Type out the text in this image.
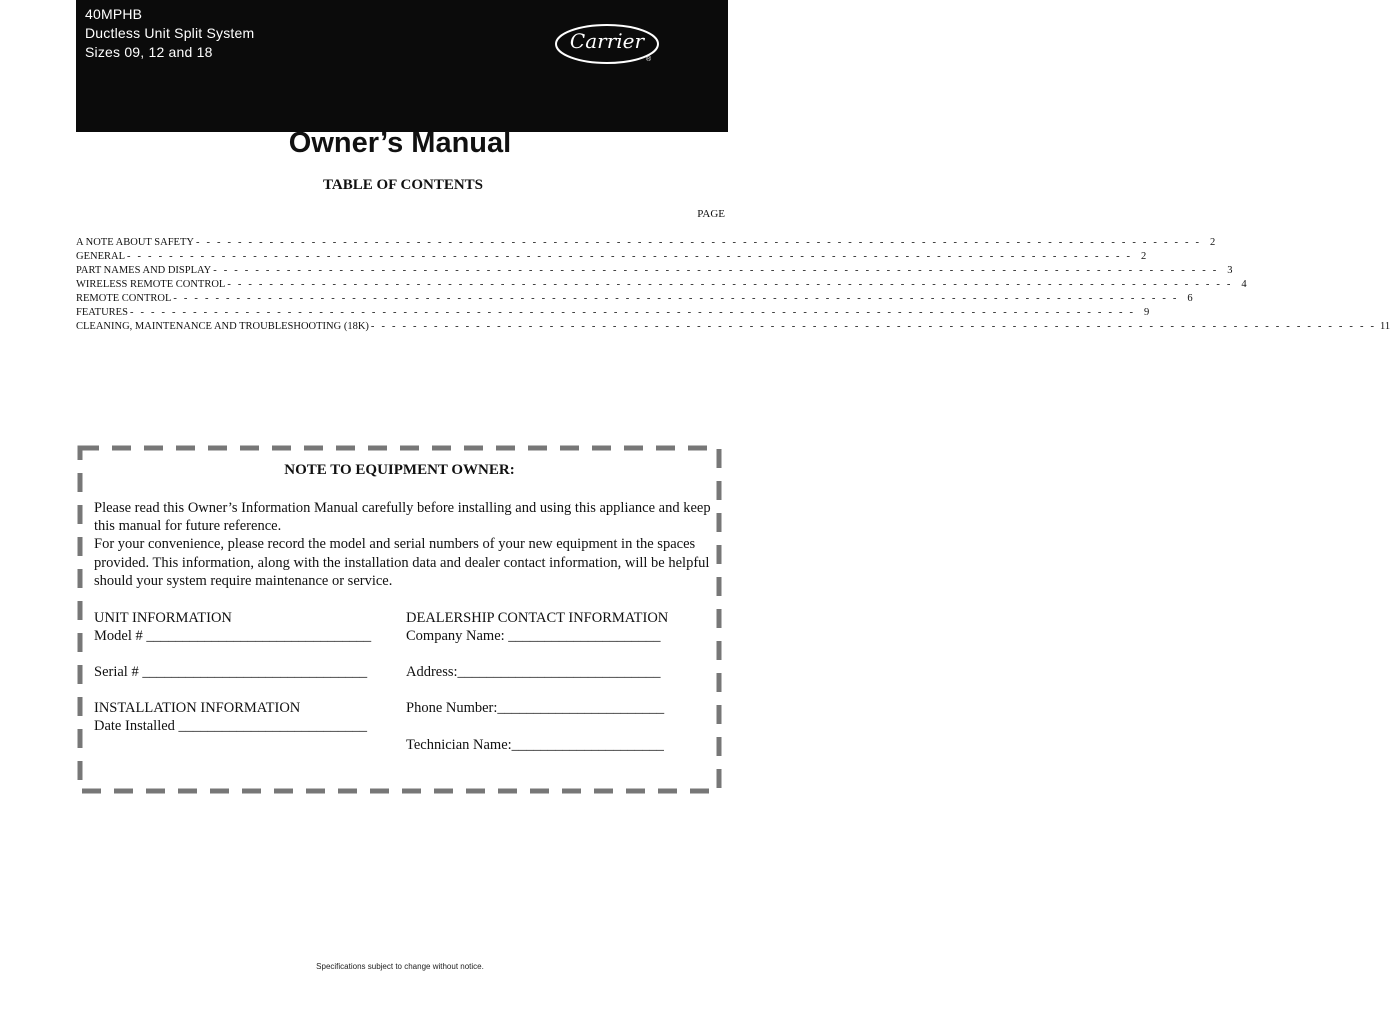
40MPHB
Ductless Unit Split System
Sizes 09, 12 and 18	Carrier
®
Owner’s Manual
TABLE OF CONTENTS
PAGE
A NOTE ABOUT SAFETY - - - - - - - - - - - - - - - - - - - - - - - - - - - - - - - - - - - - - - - - - - - - - - - - - - - - - - - - - - - - - - - - - - - - - - - - - - - - - - - - - - - - - - - - - - - - - - - - 2
GENERAL - - - - - - - - - - - - - - - - - - - - - - - - - - - - - - - - - - - - - - - - - - - - - - - - - - - - - - - - - - - - - - - - - - - - - - - - - - - - - - - - - - - - - - - - - - - - - - - - 2
PART NAMES AND DISPLAY - - - - - - - - - - - - - - - - - - - - - - - - - - - - - - - - - - - - - - - - - - - - - - - - - - - - - - - - - - - - - - - - - - - - - - - - - - - - - - - - - - - - - - - - - - - - - - - - 3
WIRELESS REMOTE CONTROL - - - - - - - - - - - - - - - - - - - - - - - - - - - - - - - - - - - - - - - - - - - - - - - - - - - - - - - - - - - - - - - - - - - - - - - - - - - - - - - - - - - - - - - - - - - - - - - - 4
REMOTE CONTROL - - - - - - - - - - - - - - - - - - - - - - - - - - - - - - - - - - - - - - - - - - - - - - - - - - - - - - - - - - - - - - - - - - - - - - - - - - - - - - - - - - - - - - - - - - - - - - - - 6
FEATURES - - - - - - - - - - - - - - - - - - - - - - - - - - - - - - - - - - - - - - - - - - - - - - - - - - - - - - - - - - - - - - - - - - - - - - - - - - - - - - - - - - - - - - - - - - - - - - - - 9
CLEANING, MAINTENANCE AND TROUBLESHOOTING (18K) - - - - - - - - - - - - - - - - - - - - - - - - - - - - - - - - - - - - - - - - - - - - - - - - - - - - - - - - - - - - - - - - - - - - - - - - - - - - - - - - - - - - - - - - - - - - - - - - 11
NOTE TO EQUIPMENT OWNER:

Please read this Owner’s Information Manual carefully before installing and using this appliance and keep this manual for future reference.

For your convenience, please record the model and serial numbers of your new equipment in the spaces provided. This information, along with the installation data and dealer contact information, will be helpful should your system require maintenance or service.

UNIT INFORMATION
Model # _______________________________
Serial # _______________________________
INSTALLATION INFORMATION
Date Installed __________________________
DEALERSHIP CONTACT INFORMATION
Company Name: _____________________
Address:____________________________
Phone Number:_______________________
Technician Name:_____________________
Specifications subject to change without notice.
